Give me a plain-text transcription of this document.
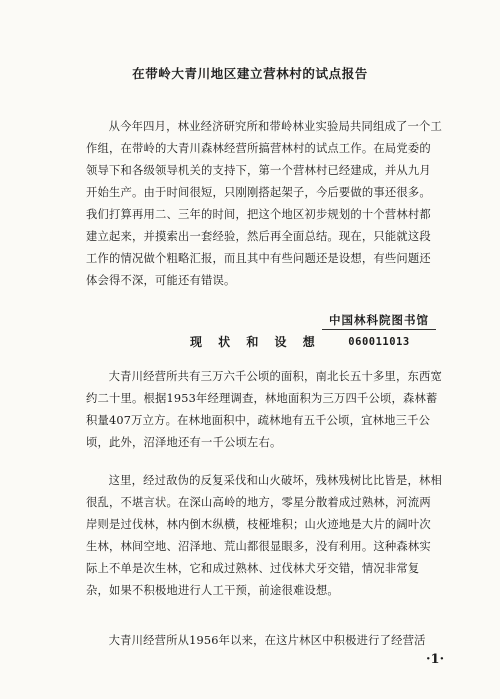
在带岭大青川地区建立营林村的试点报告
从今年四月，林业经济研究所和带岭林业实验局共同组成了一个工作组，在带岭的大青川森林经营所搞营林村的试点工作。在局党委的领导下和各级领导机关的支持下，第一个营林村已经建成，并从九月开始生产。由于时间很短，只刚刚搭起架子，今后要做的事还很多。我们打算再用二、三年的时间，把这个地区初步规划的十个营林村都建立起来，并摸索出一套经验，然后再全面总结。现在，只能就这段工作的情况做个粗略汇报，而且其中有些问题还是设想，有些问题还体会得不深，可能还有错误。
中国林科院图书馆
060011013
现 状 和 设 想
大青川经营所共有三万六千公顷的面积，南北长五十多里，东西宽约二十里。根据1953年经理调查，林地面积为三万四千公顷，森林蓄积量407万立方。在林地面积中，疏林地有五千公顷，宜林地三千公顷，此外，沼泽地还有一千公顷左右。
这里，经过敌伪的反复采伐和山火破坏，残林残树比比皆是，林相很乱，不堪言状。在深山高岭的地方，零星分散着成过熟林，河流两岸则是过伐林，林内倒木纵横，枝桠堆积；山火迹地是大片的阔叶次生林，林间空地、沼泽地、荒山都很显眼多，没有利用。这种森林实际上不单是次生林，它和成过熟林、过伐林犬牙交错，情况非常复杂，如果不积极地进行人工干预，前途很难设想。
大青川经营所从1956年以来，在这片林区中积极进行了经营活
·1·
